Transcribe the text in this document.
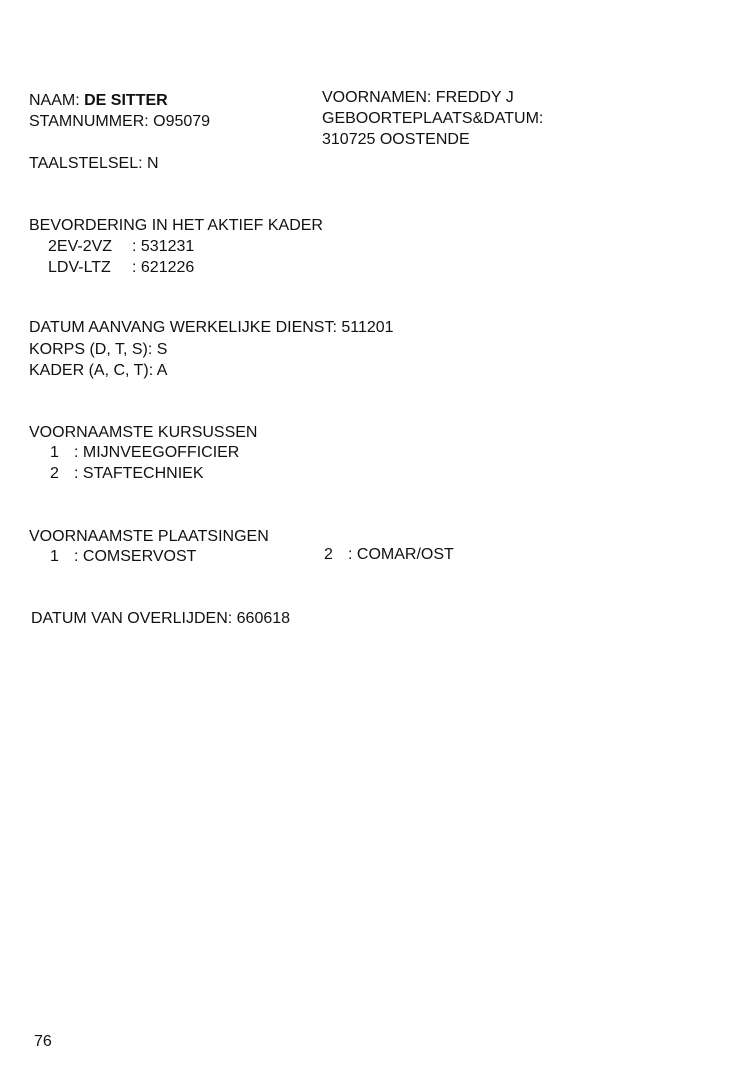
NAAM: DE SITTER
STAMNUMMER: O95079
TAALSTELSEL: N
VOORNAMEN: FREDDY J
GEBOORTEPLAATS&DATUM:
310725 OOSTENDE
BEVORDERING IN HET AKTIEF KADER
2EV-2VZ : 531231
LDV-LTZ : 621226
DATUM AANVANG WERKELIJKE DIENST: 511201
KORPS (D, T, S): S
KADER (A, C, T): A
VOORNAAMSTE KURSUSSEN
1 : MIJNVEEGOFFICIER
2 : STAFTECHNIEK
VOORNAAMSTE PLAATSINGEN
1 : COMSERVOST	2 : COMAR/OST
DATUM VAN OVERLIJDEN: 660618
76
